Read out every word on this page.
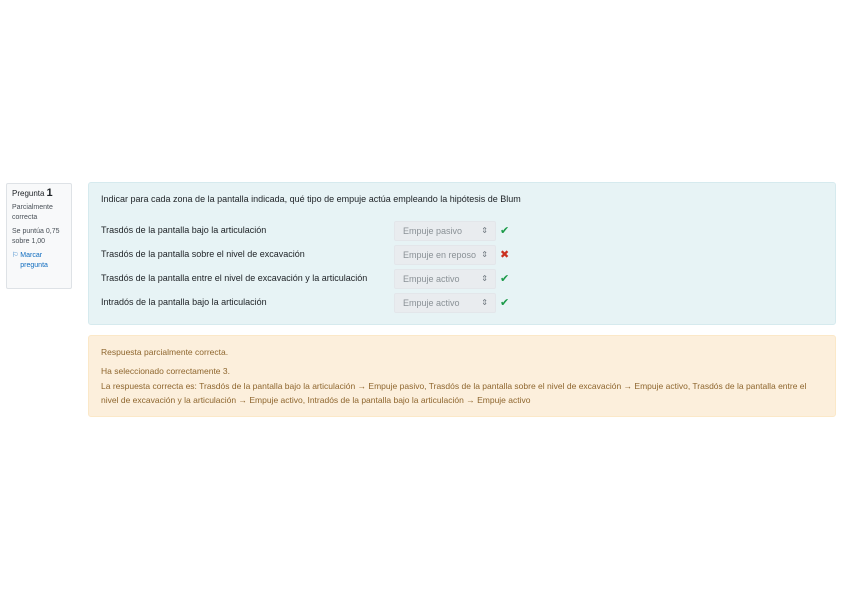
Pregunta 1
Parcialmente correcta
Se puntúa 0,75 sobre 1,00
⚐ Marcar pregunta
Indicar para cada zona de la pantalla indicada, qué tipo de empuje actúa empleando la hipótesis de Blum
Trasdós de la pantalla bajo la articulación	Empuje pasivo ⇕ ✔
Trasdós de la pantalla sobre el nivel de excavación	Empuje en reposo ⇕ ✖
Trasdós de la pantalla entre el nivel de excavación y la articulación	Empuje activo	⇕ ✔
Intradós de la pantalla bajo la articulación	Empuje activo	⇕ ✔
Respuesta parcialmente correcta.
Ha seleccionado correctamente 3.
La respuesta correcta es: Trasdós de la pantalla bajo la articulación → Empuje pasivo, Trasdós de la pantalla sobre el nivel de excavación → Empuje activo, Trasdós de la pantalla entre el nivel de excavación y la articulación → Empuje activo, Intradós de la pantalla bajo la articulación → Empuje activo
